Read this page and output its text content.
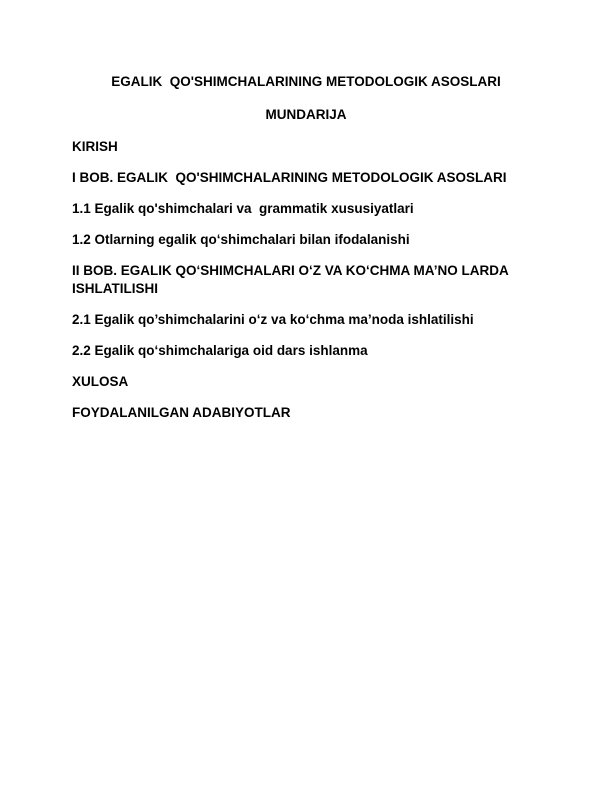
EGALIK  QO'SHIMCHALARINING METODOLOGIK ASOSLARI
MUNDARIJA
KIRISH
I BOB. EGALIK  QO'SHIMCHALARINING METODOLOGIK ASOSLARI
1.1 Egalik qo'shimchalari va  grammatik xususiyatlari
1.2 Otlarning egalik qo‘shimchalari bilan ifodalanishi
II BOB. EGALIK QO‘SHIMCHALARI O‘Z VA KO‘CHMA MA’NO LARDA ISHLATILISHI
2.1 Egalik qo’shimchalarini o‘z va ko‘chma ma’noda ishlatilishi
2.2 Egalik qo‘shimchalariga oid dars ishlanma
XULOSA
FOYDALANILGAN ADABIYOTLAR
